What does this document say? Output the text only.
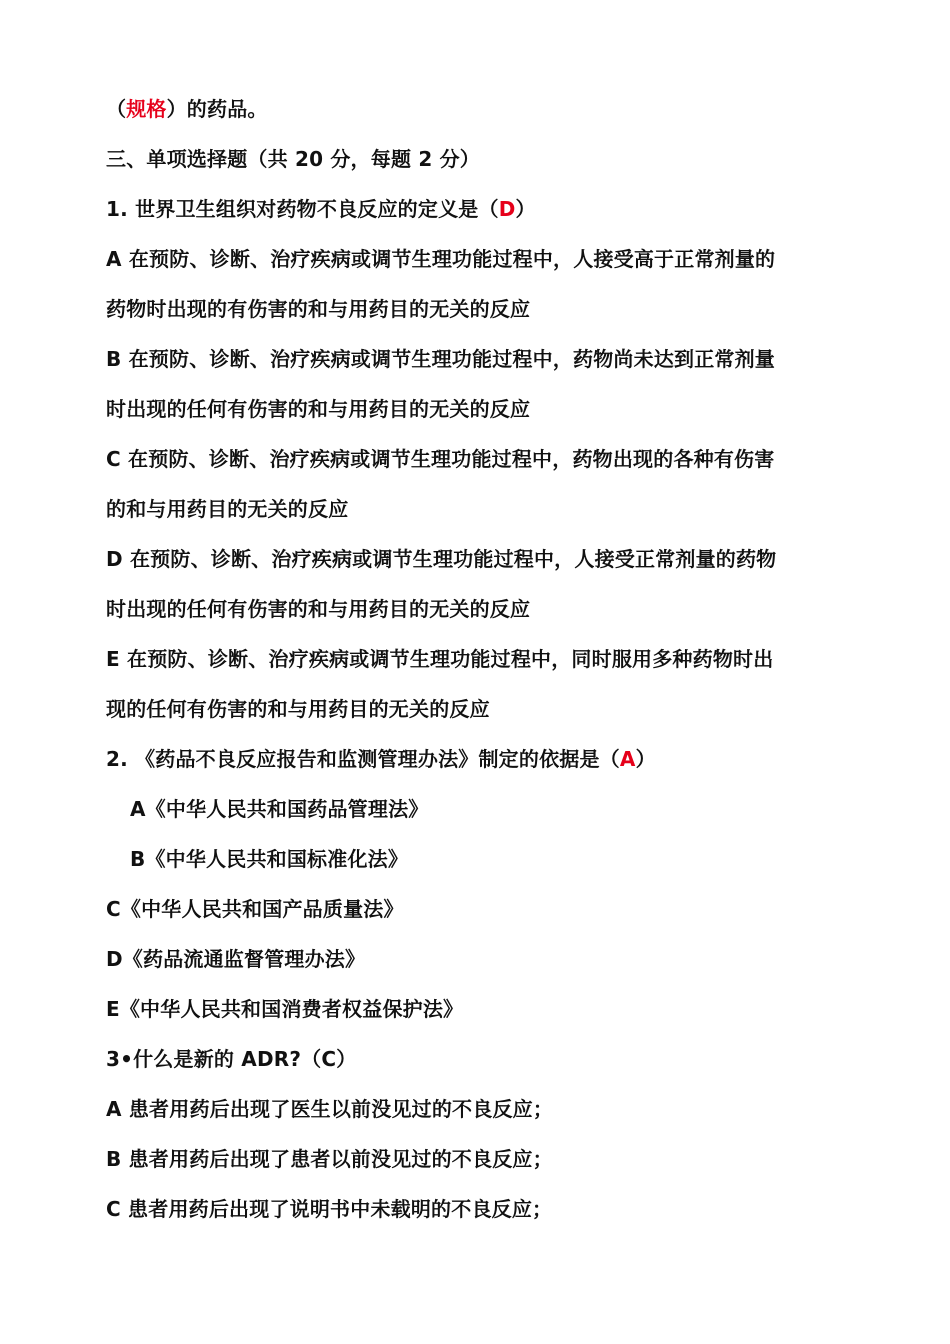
（规格）的药品。
三、单项选择题（共 20 分，每题 2 分）
1. 世界卫生组织对药物不良反应的定义是（D）
A 在预防、诊断、治疗疾病或调节生理功能过程中，人接受高于正常剂量的
药物时出现的有伤害的和与用药目的无关的反应
B 在预防、诊断、治疗疾病或调节生理功能过程中，药物尚未达到正常剂量
时出现的任何有伤害的和与用药目的无关的反应
C 在预防、诊断、治疗疾病或调节生理功能过程中，药物出现的各种有伤害
的和与用药目的无关的反应
D 在预防、诊断、治疗疾病或调节生理功能过程中，人接受正常剂量的药物
时出现的任何有伤害的和与用药目的无关的反应
E 在预防、诊断、治疗疾病或调节生理功能过程中，同时服用多种药物时出
现的任何有伤害的和与用药目的无关的反应
2. 《药品不良反应报告和监测管理办法》制定的依据是（A）
A《中华人民共和国药品管理法》
B《中华人民共和国标准化法》
C《中华人民共和国产品质量法》
D《药品流通监督管理办法》
E《中华人民共和国消费者权益保护法》
3•什么是新的 ADR?（C）
A 患者用药后出现了医生以前没见过的不良反应；
B 患者用药后出现了患者以前没见过的不良反应；
C 患者用药后出现了说明书中未载明的不良反应；
